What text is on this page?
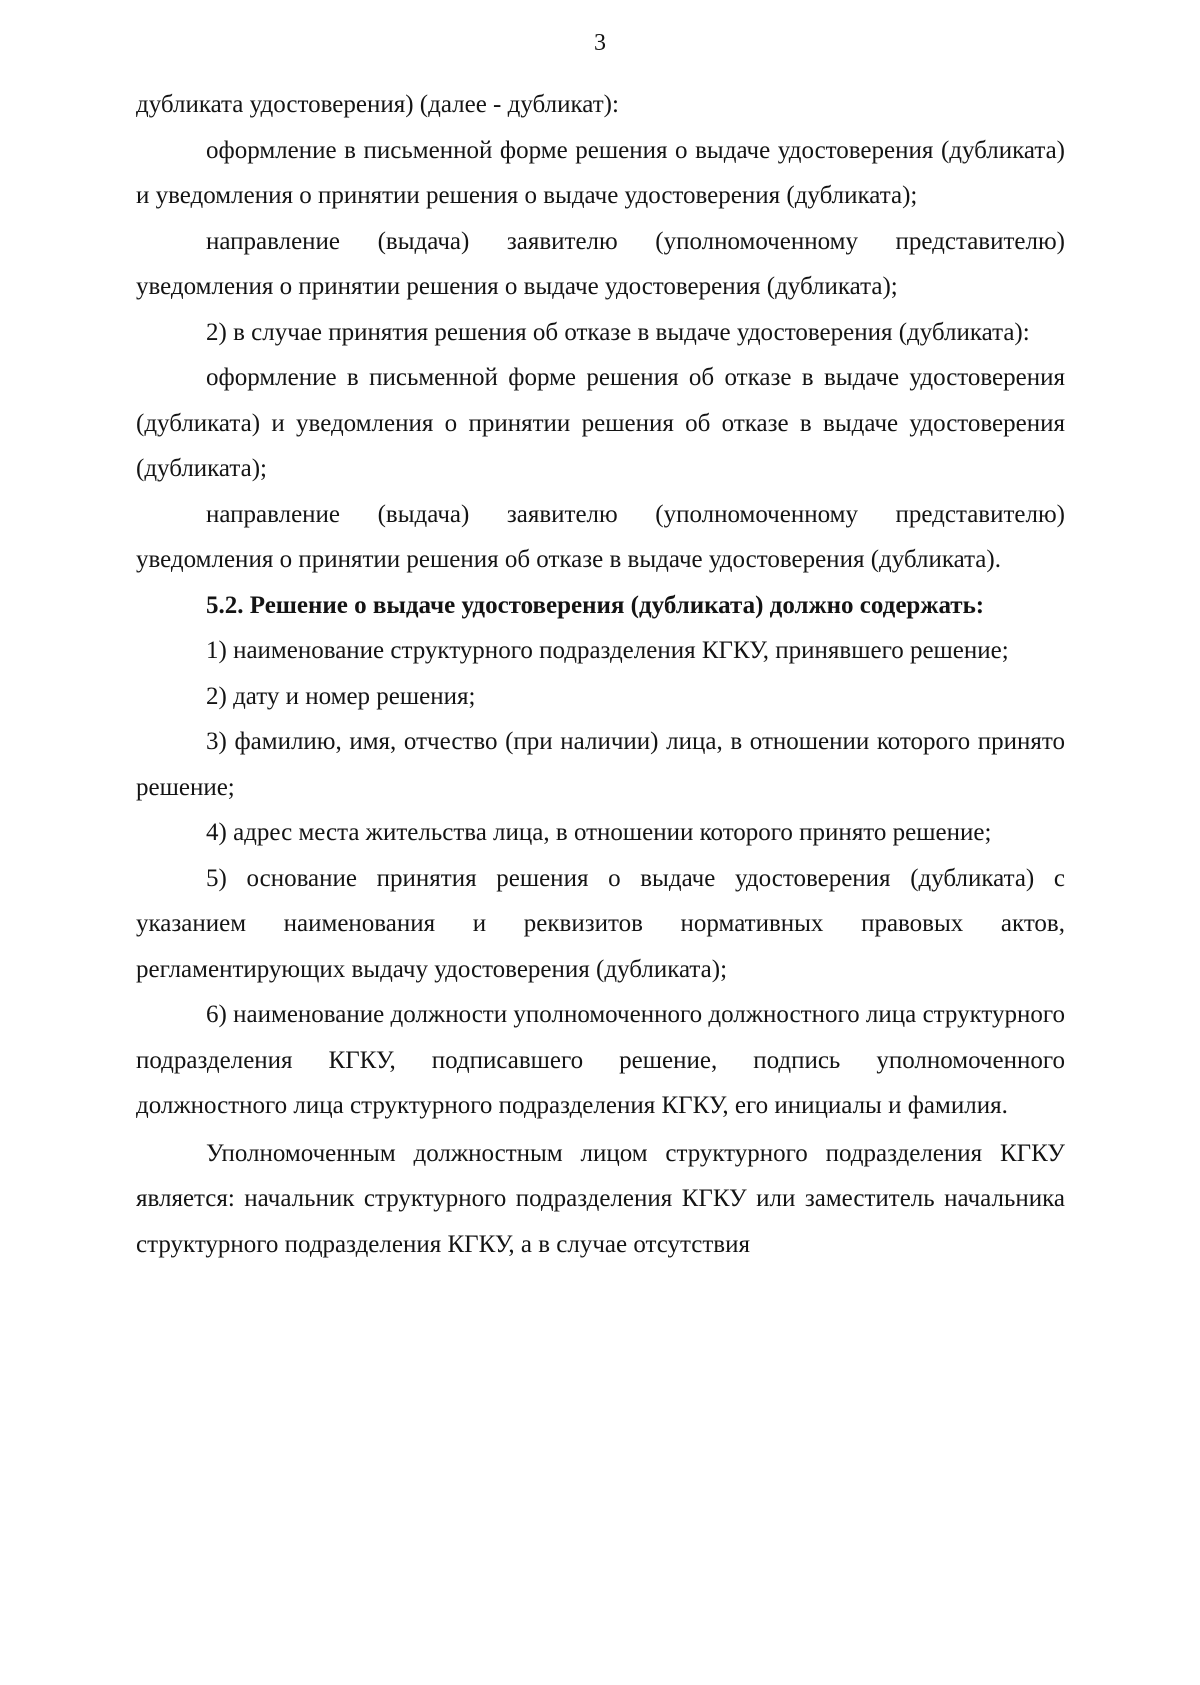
3

дубликата удостоверения) (далее - дубликат):

оформление в письменной форме решения о выдаче удостоверения (дубликата) и уведомления о принятии решения о выдаче удостоверения (дубликата);

направление (выдача) заявителю (уполномоченному представителю) уведомления о принятии решения о выдаче удостоверения (дубликата);

2) в случае принятия решения об отказе в выдаче удостоверения (дубликата):

оформление в письменной форме решения об отказе в выдаче удостоверения (дубликата) и уведомления о принятии решения об отказе в выдаче удостоверения (дубликата);

направление (выдача) заявителю (уполномоченному представителю) уведомления о принятии решения об отказе в выдаче удостоверения (дубликата).

5.2. Решение о выдаче удостоверения (дубликата) должно содержать:

1) наименование структурного подразделения КГКУ, принявшего решение;

2) дату и номер решения;

3) фамилию, имя, отчество (при наличии) лица, в отношении которого принято решение;

4) адрес места жительства лица, в отношении которого принято решение;

5) основание принятия решения о выдаче удостоверения (дубликата) с указанием наименования и реквизитов нормативных правовых актов, регламентирующих выдачу удостоверения (дубликата);

6) наименование должности уполномоченного должностного лица структурного подразделения КГКУ, подписавшего решение, подпись уполномоченного должностного лица структурного подразделения КГКУ, его инициалы и фамилия.

Уполномоченным должностным лицом структурного подразделения КГКУ является: начальник структурного подразделения КГКУ или заместитель начальника структурного подразделения КГКУ, а в случае отсутствия
